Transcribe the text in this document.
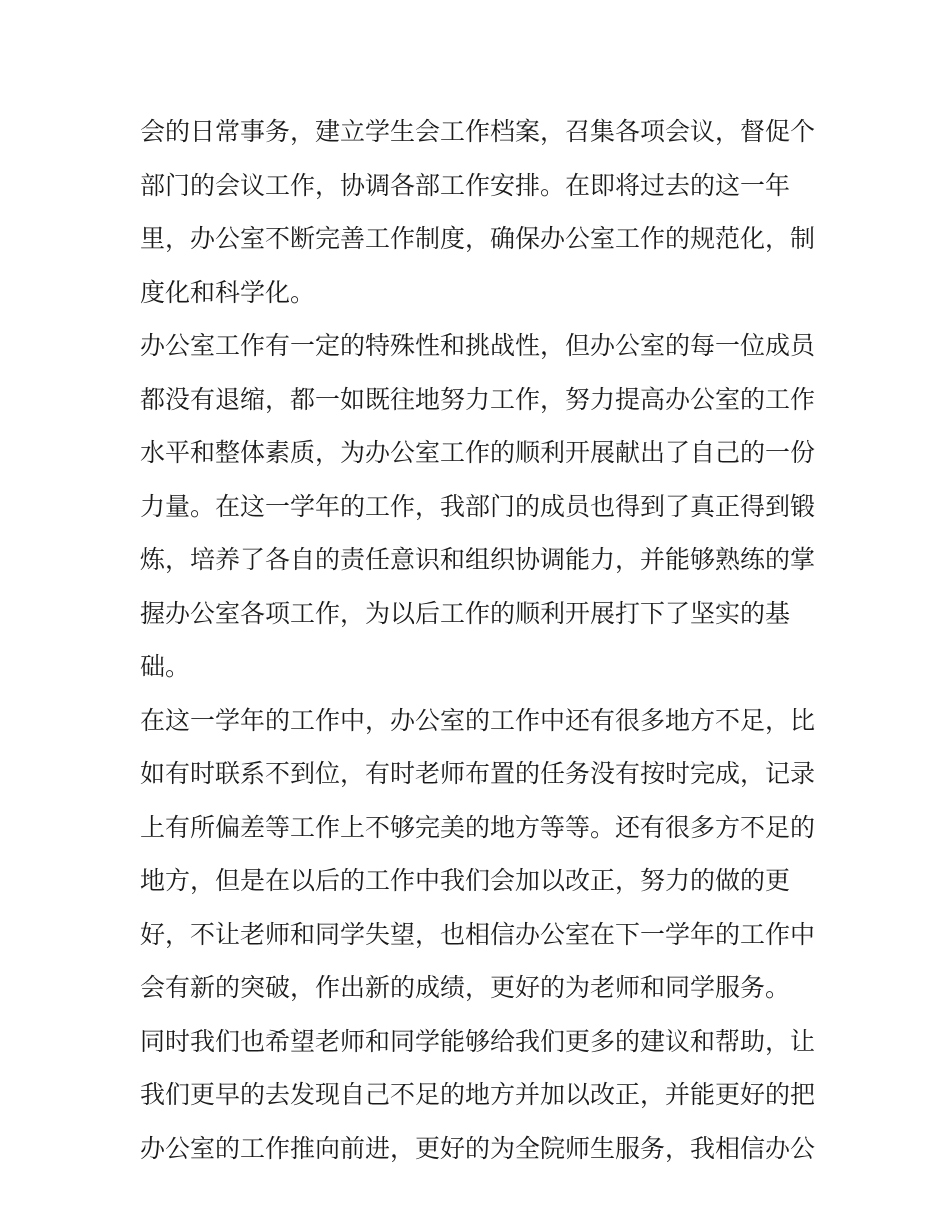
会的日常事务，建立学生会工作档案，召集各项会议，督促个
部门的会议工作，协调各部工作安排。在即将过去的这一年
里，办公室不断完善工作制度，确保办公室工作的规范化，制
度化和科学化。
办公室工作有一定的特殊性和挑战性，但办公室的每一位成员
都没有退缩，都一如既往地努力工作，努力提高办公室的工作
水平和整体素质，为办公室工作的顺利开展献出了自己的一份
力量。在这一学年的工作，我部门的成员也得到了真正得到锻
炼，培养了各自的责任意识和组织协调能力，并能够熟练的掌
握办公室各项工作，为以后工作的顺利开展打下了坚实的基
础。
在这一学年的工作中，办公室的工作中还有很多地方不足，比
如有时联系不到位，有时老师布置的任务没有按时完成，记录
上有所偏差等工作上不够完美的地方等等。还有很多方不足的
地方，但是在以后的工作中我们会加以改正，努力的做的更
好，不让老师和同学失望，也相信办公室在下一学年的工作中
会有新的突破，作出新的成绩，更好的为老师和同学服务。
同时我们也希望老师和同学能够给我们更多的建议和帮助，让
我们更早的去发现自己不足的地方并加以改正，并能更好的把
办公室的工作推向前进，更好的为全院师生服务，我相信办公
